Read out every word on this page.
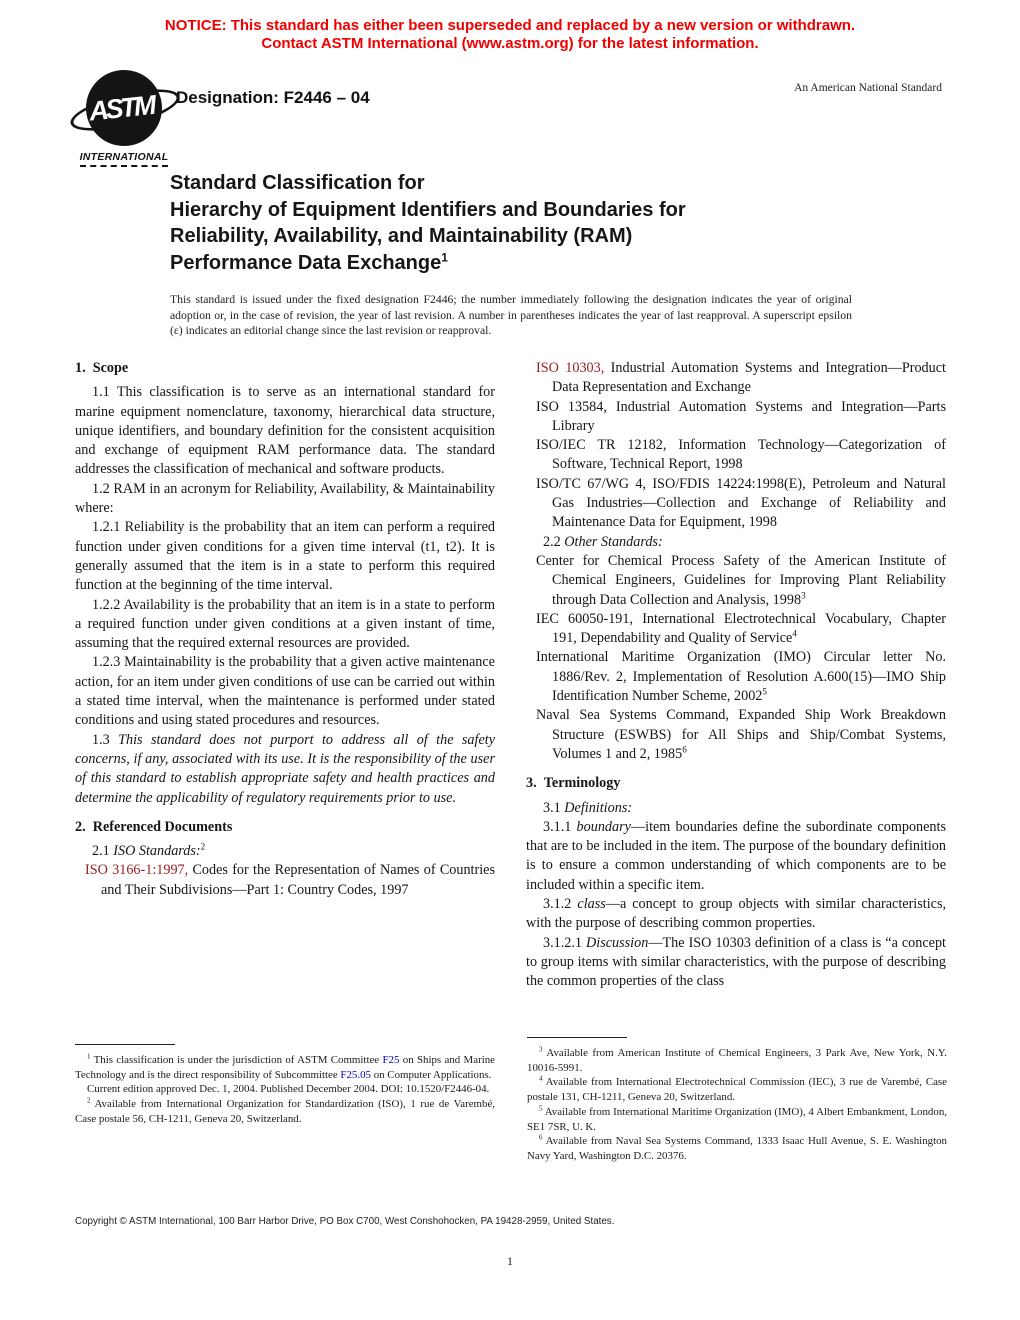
NOTICE: This standard has either been superseded and replaced by a new version or withdrawn.
Contact ASTM International (www.astm.org) for the latest information.
ASTM
INTERNATIONAL
Designation: F2446 – 04	An American National Standard
Standard Classification for
Hierarchy of Equipment Identifiers and Boundaries for
Reliability, Availability, and Maintainability (RAM)
Performance Data Exchange$^1$

This standard is issued under the fixed designation F2446; the number immediately following the designation indicates the year of original adoption or, in the case of revision, the year of last revision. A number in parentheses indicates the year of last reapproval. A superscript epsilon (ε) indicates an editorial change since the last revision or reapproval.

1. Scope

1.1 This classification is to serve as an international standard for marine equipment nomenclature, taxonomy, hierarchical data structure, unique identifiers, and boundary definition for the consistent acquisition and exchange of equipment RAM performance data. The standard addresses the classification of mechanical and software products.

1.2 RAM in an acronym for Reliability, Availability, & Maintainability where:

1.2.1 Reliability is the probability that an item can perform a required function under given conditions for a given time interval (t1, t2). It is generally assumed that the item is in a state to perform this required function at the beginning of the time interval.

1.2.2 Availability is the probability that an item is in a state to perform a required function under given conditions at a given instant of time, assuming that the required external resources are provided.

1.2.3 Maintainability is the probability that a given active maintenance action, for an item under given conditions of use can be carried out within a stated time interval, when the maintenance is performed under stated conditions and using stated procedures and resources.

1.3 This standard does not purport to address all of the safety concerns, if any, associated with its use. It is the responsibility of the user of this standard to establish appropriate safety and health practices and determine the applicability of regulatory requirements prior to use.

2. Referenced Documents

2.1 ISO Standards:$^2$

ISO 3166-1:1997, Codes for the Representation of Names of Countries and Their Subdivisions—Part 1: Country Codes, 1997

ISO 10303, Industrial Automation Systems and Integration—Product Data Representation and Exchange

ISO 13584, Industrial Automation Systems and Integration—Parts Library

ISO/IEC TR 12182, Information Technology—Categorization of Software, Technical Report, 1998

ISO/TC 67/WG 4, ISO/FDIS 14224:1998(E), Petroleum and Natural Gas Industries—Collection and Exchange of Reliability and Maintenance Data for Equipment, 1998

2.2 Other Standards:

Center for Chemical Process Safety of the American Institute of Chemical Engineers, Guidelines for Improving Plant Reliability through Data Collection and Analysis, 1998$^3$

IEC 60050-191, International Electrotechnical Vocabulary, Chapter 191, Dependability and Quality of Service$^4$

International Maritime Organization (IMO) Circular letter No. 1886/Rev. 2, Implementation of Resolution A.600(15)—IMO Ship Identification Number Scheme, 2002$^5$

Naval Sea Systems Command, Expanded Ship Work Breakdown Structure (ESWBS) for All Ships and Ship/Combat Systems, Volumes 1 and 2, 1985$^6$

3. Terminology

3.1 Definitions:

3.1.1 boundary—item boundaries define the subordinate components that are to be included in the item. The purpose of the boundary definition is to ensure a common understanding of which components are to be included within a specific item.

3.1.2 class—a concept to group objects with similar characteristics, with the purpose of describing common properties.

3.1.2.1 Discussion—The ISO 10303 definition of a class is “a concept to group items with similar characteristics, with the purpose of describing the common properties of the class

$^1$ This classification is under the jurisdiction of ASTM Committee F25 on Ships and Marine Technology and is the direct responsibility of Subcommittee F25.05 on Computer Applications.

Current edition approved Dec. 1, 2004. Published December 2004. DOI: 10.1520/F2446-04.

$^2$ Available from International Organization for Standardization (ISO), 1 rue de Varembé, Case postale 56, CH-1211, Geneva 20, Switzerland.

$^3$ Available from American Institute of Chemical Engineers, 3 Park Ave, New York, N.Y. 10016-5991.

$^4$ Available from International Electrotechnical Commission (IEC), 3 rue de Varembé, Case postale 131, CH-1211, Geneva 20, Switzerland.

$^5$ Available from International Maritime Organization (IMO), 4 Albert Embankment, London, SE1 7SR, U. K.

$^6$ Available from Naval Sea Systems Command, 1333 Isaac Hull Avenue, S. E. Washington Navy Yard, Washington D.C. 20376.

Copyright © ASTM International, 100 Barr Harbor Drive, PO Box C700, West Conshohocken, PA 19428-2959, United States.
1
